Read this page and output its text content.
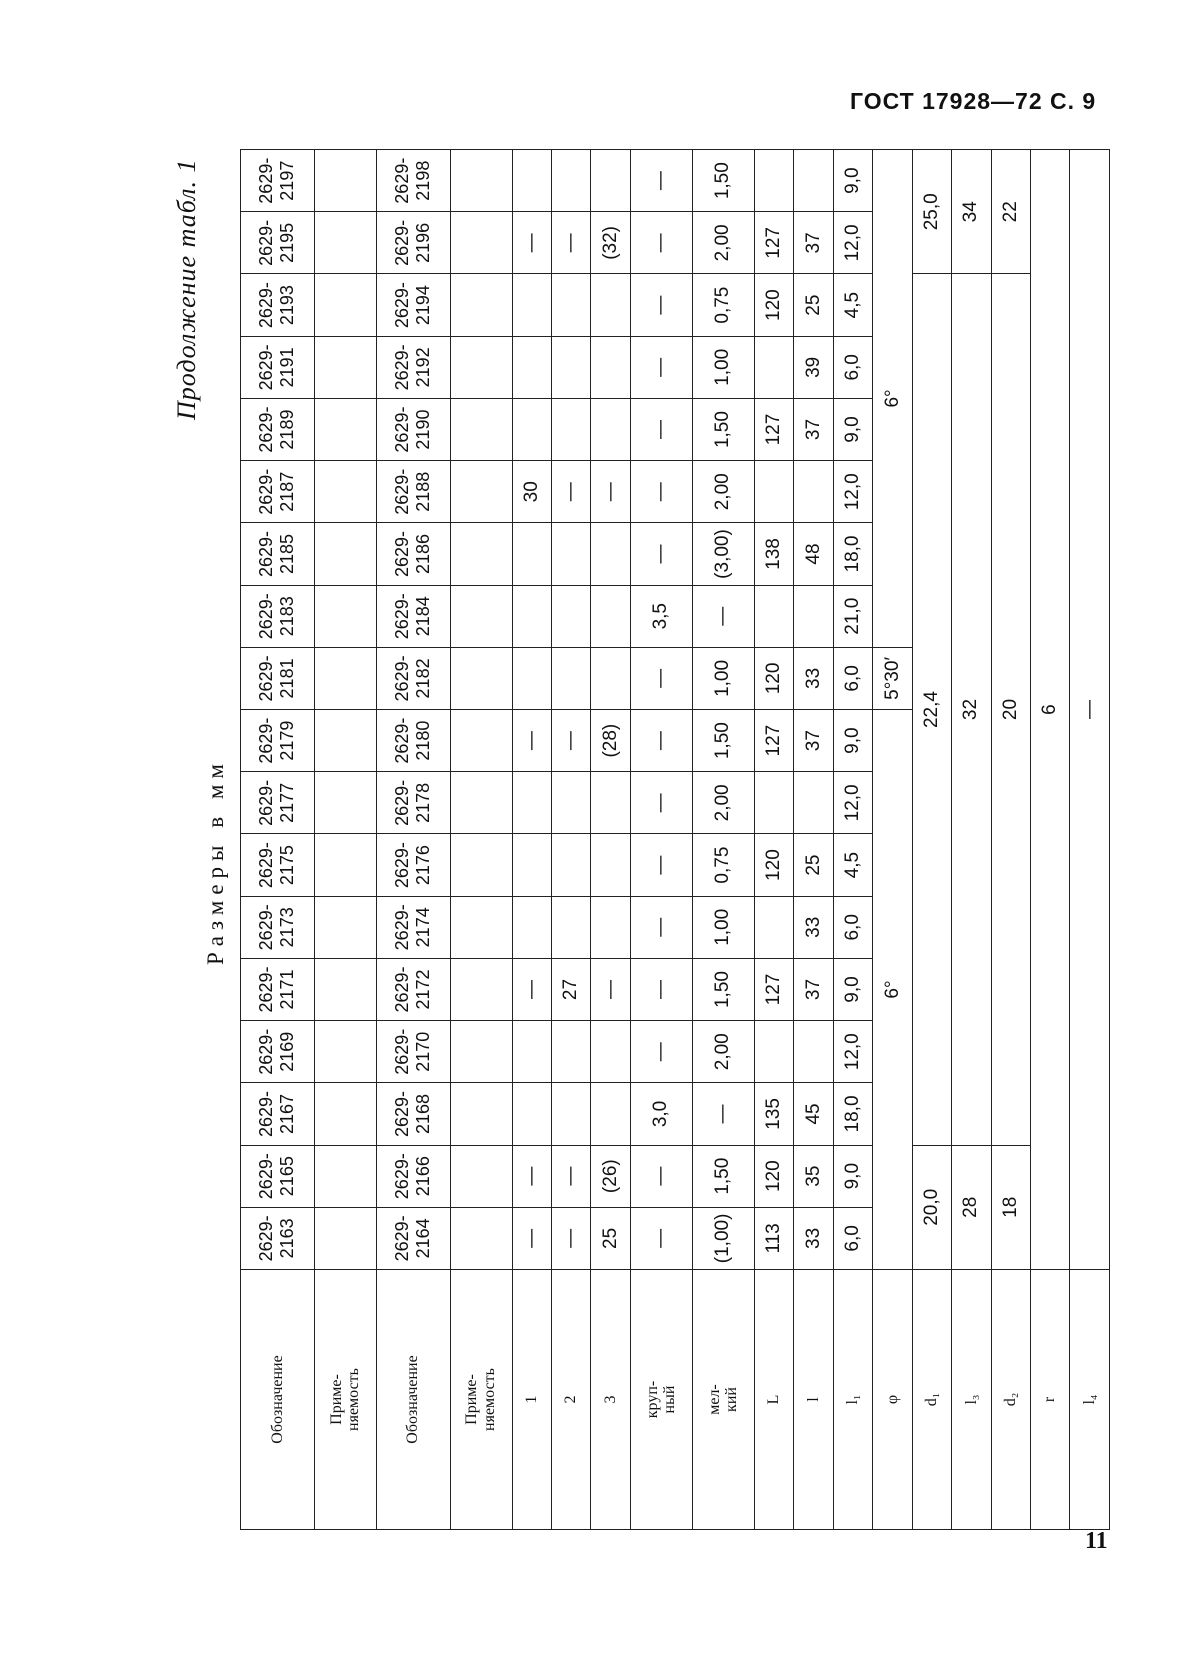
ГОСТ 17928—72 С. 9
Продолжение табл. 1
Размеры в мм
Обозначение	2629-2163	2629-2165	2629-2167	2629-2169	2629-2171	2629-2173	2629-2175	2629-2177	2629-2179	2629-2181	2629-2183	2629-2185	2629-2187	2629-2189	2629-2191	2629-2193	2629-2195	2629-2197
Приме-
няемость																		
Обозначение	2629-2164	2629-2166	2629-2168	2629-2170	2629-2172	2629-2174	2629-2176	2629-2178	2629-2180	2629-2182	2629-2184	2629-2186	2629-2188	2629-2190	2629-2192	2629-2194	2629-2196	2629-2198
Приме-
няемость																		
1	—	—			—				—				30				—	
2	—	—			27				—				—				—	
3	25	(26)			—				(28)				—				(32)	
круп-
ный	—	—	3,0	—	—	—	—	—	—	—	3,5	—	—	—	—	—	—	—
мел-
кий	(1,00)	1,50	—	2,00	1,50	1,00	0,75	2,00	1,50	1,00	—	(3,00)	2,00	1,50	1,00	0,75	2,00	1,50
L	113	120	135		127		120		127	120		138		127		120	127	
l	33	35	45		37	33	25		37	33		48		37	39	25	37	
l₁	6,0	9,0	18,0	12,0	9,0	6,0	4,5	12,0	9,0	6,0	21,0	18,0	12,0	9,0	6,0	4,5	12,0	9,0
φ	6°									5°30′	6°							
d₁	20,0		22,4														25,0	
l₃	28		32														34	
d₂	18		20														22	
r	6																	
l₄	—																	
11
